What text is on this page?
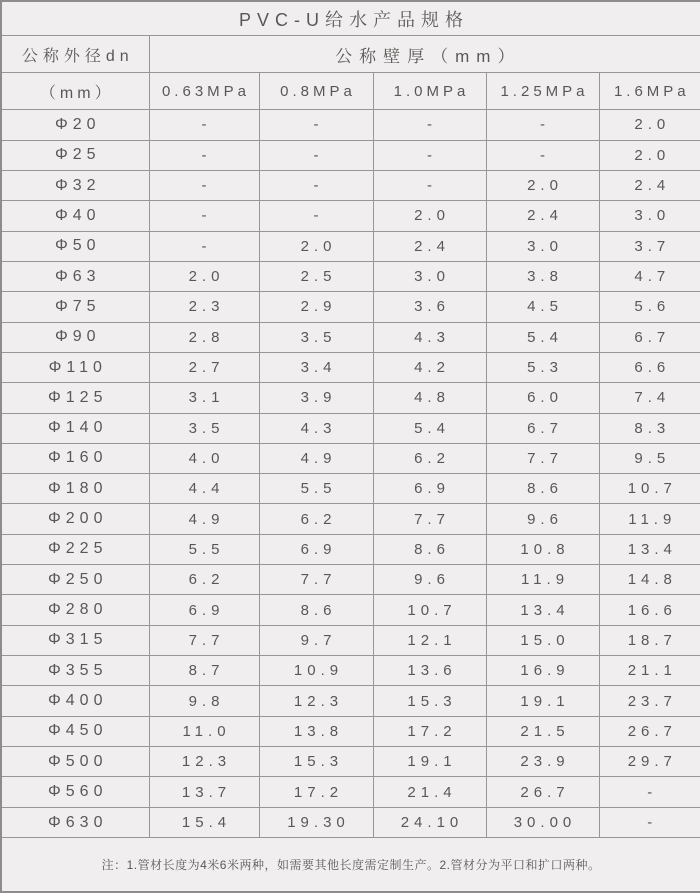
PVC-U给水产品规格					
公称外径dn	公称壁厚（mm）				
（mm）	0.63MPa	0.8MPa	1.0MPa	1.25MPa	1.6MPa
Φ20	-	-	-	-	2.0
Φ25	-	-	-	-	2.0
Φ32	-	-	-	2.0	2.4
Φ40	-	-	2.0	2.4	3.0
Φ50	-	2.0	2.4	3.0	3.7
Φ63	2.0	2.5	3.0	3.8	4.7
Φ75	2.3	2.9	3.6	4.5	5.6
Φ90	2.8	3.5	4.3	5.4	6.7
Φ110	2.7	3.4	4.2	5.3	6.6
Φ125	3.1	3.9	4.8	6.0	7.4
Φ140	3.5	4.3	5.4	6.7	8.3
Φ160	4.0	4.9	6.2	7.7	9.5
Φ180	4.4	5.5	6.9	8.6	10.7
Φ200	4.9	6.2	7.7	9.6	11.9
Φ225	5.5	6.9	8.6	10.8	13.4
Φ250	6.2	7.7	9.6	11.9	14.8
Φ280	6.9	8.6	10.7	13.4	16.6
Φ315	7.7	9.7	12.1	15.0	18.7
Φ355	8.7	10.9	13.6	16.9	21.1
Φ400	9.8	12.3	15.3	19.1	23.7
Φ450	11.0	13.8	17.2	21.5	26.7
Φ500	12.3	15.3	19.1	23.9	29.7
Φ560	13.7	17.2	21.4	26.7	-
Φ630	15.4	19.30	24.10	30.00	-
注：1.管材长度为4米6米两种，如需要其他长度需定制生产。2.管材分为平口和扩口两种。					
